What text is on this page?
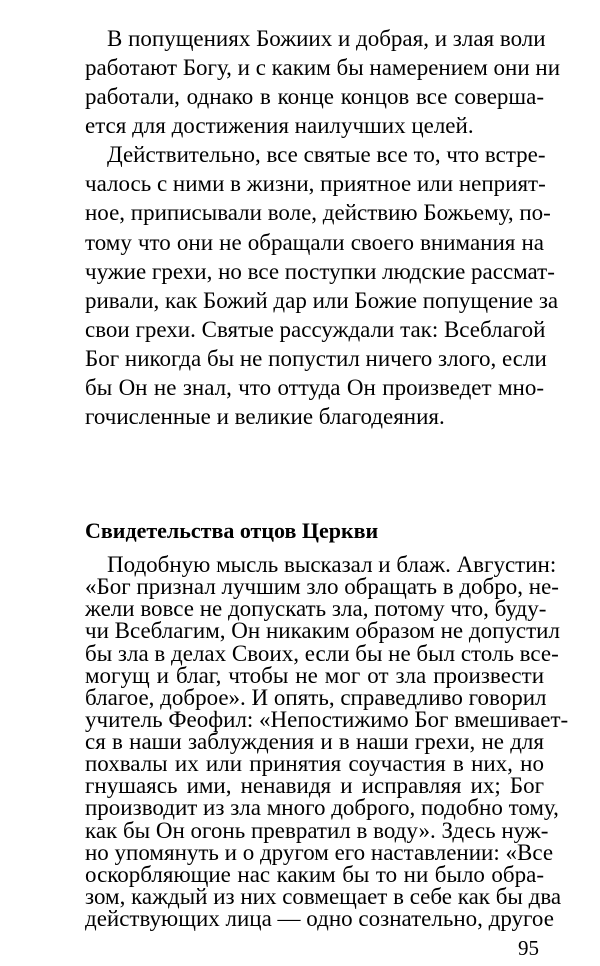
В попущениях Божиих и добрая, и злая воли
работают Богу, и с каким бы намерением они ни
работали, однако в конце концов все соверша-
ется для достижения наилучших целей.
Действительно, все святые все то, что встре-
чалось с ними в жизни, приятное или неприят-
ное, приписывали воле, действию Божьему, по-
тому что они не обращали своего внимания на
чужие грехи, но все поступки людские рассмат-
ривали, как Божий дар или Божие попущение за
свои грехи. Святые рассуждали так: Всеблагой
Бог никогда бы не попустил ничего злого, если
бы Он не знал, что оттуда Он произведет мно-
гочисленные и великие благодеяния.
Свидетельства отцов Церкви
Подобную мысль высказал и блаж. Августин:
«Бог признал лучшим зло обращать в добро, не-
жели вовсе не допускать зла, потому что, буду-
чи Всеблагим, Он никаким образом не допустил
бы зла в делах Своих, если бы не был столь все-
могущ и благ, чтобы не мог от зла произвести
благое, доброе». И опять, справедливо говорил
учитель Феофил: «Непостижимо Бог вмешивает-
ся в наши заблуждения и в наши грехи, не для
похвалы их или принятия соучастия в них, но
гнушаясь ими, ненавидя и исправляя их; Бог
производит из зла много доброго, подобно тому,
как бы Он огонь превратил в воду». Здесь нуж-
но упомянуть и о другом его наставлении: «Все
оскорбляющие нас каким бы то ни было обра-
зом, каждый из них совмещает в себе как бы два
действующих лица — одно сознательно, другое
95
